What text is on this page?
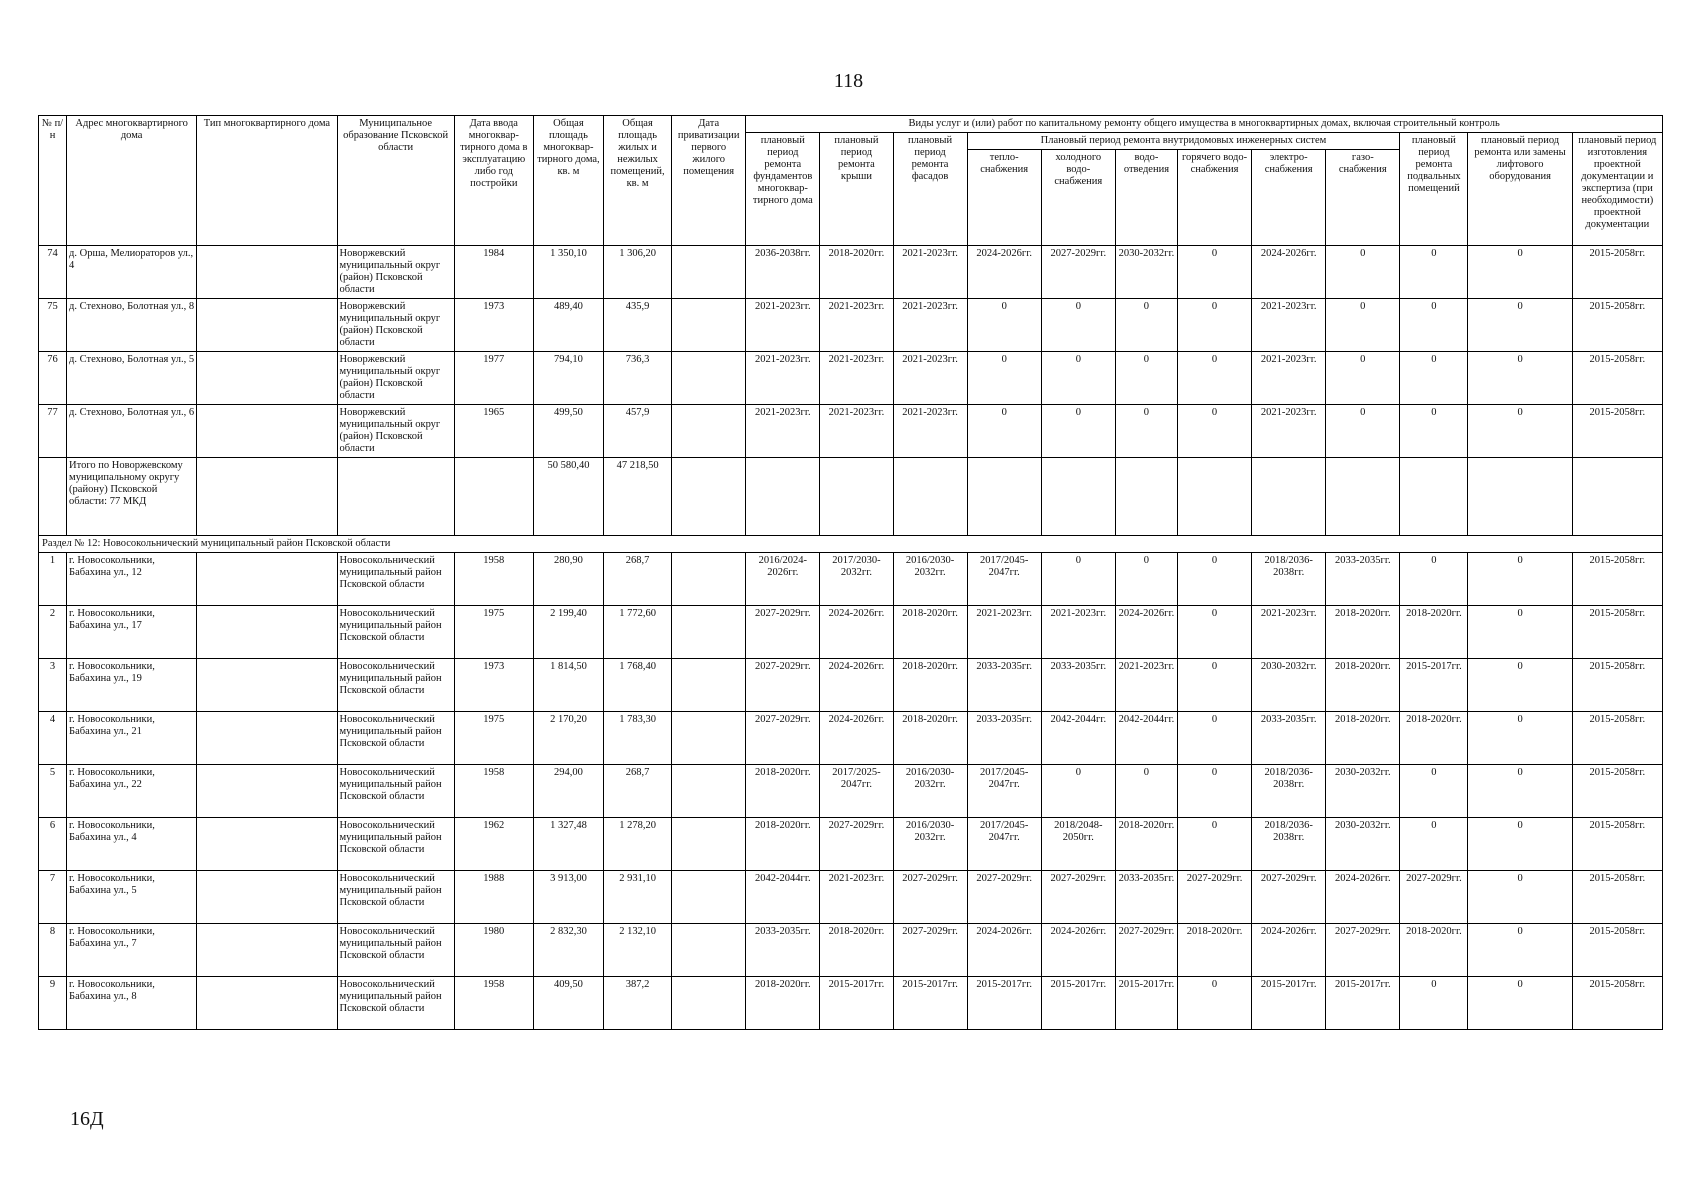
118
№ п/н	Адрес многоквартирного дома	Тип многоквартирного дома	Муниципальное образование Псковской области	Дата ввода многоквар-тирного дома в эксплуатацию либо год постройки	Общая площадь многоквар-тирного дома, кв. м	Общая площадь жилых и нежилых помещений, кв. м	Дата приватизации первого жилого помещения	Виды услуг и (или) работ по капитальному ремонту общего имущества в многоквартирных домах, включая строительный контроль											
								плановый период ремонта фундаментов многоквар-тирного дома	плановый период ремонта крыши	плановый период ремонта фасадов	Плановый период ремонта внутридомовых инженерных систем						плановый период ремонта подвальных помещений	плановый период ремонта или замены лифтового оборудования	плановый период изготовления проектной документации и экспертиза (при необходимости) проектной документации
											тепло-снабжения	холодного водо-снабжения	водо-отведения	горячего водо-снабжения	электро-снабжения	газо-снабжения			
74	д. Орша, Мелиораторов ул., 4		Новоржевский муниципальный округ (район) Псковской области	1984	1 350,10	1 306,20		2036-2038гг.	2018-2020гг.	2021-2023гг.	2024-2026гг.	2027-2029гг.	2030-2032гг.	0	2024-2026гг.	0	0	0	2015-2058гг.
75	д. Стехново, Болотная ул., 8		Новоржевский муниципальный округ (район) Псковской области	1973	489,40	435,9		2021-2023гг.	2021-2023гг.	2021-2023гг.	0	0	0	0	2021-2023гг.	0	0	0	2015-2058гг.
76	д. Стехново, Болотная ул., 5		Новоржевский муниципальный округ (район) Псковской области	1977	794,10	736,3		2021-2023гг.	2021-2023гг.	2021-2023гг.	0	0	0	0	2021-2023гг.	0	0	0	2015-2058гг.
77	д. Стехново, Болотная ул., 6		Новоржевский муниципальный округ (район) Псковской области	1965	499,50	457,9		2021-2023гг.	2021-2023гг.	2021-2023гг.	0	0	0	0	2021-2023гг.	0	0	0	2015-2058гг.
	Итого по Новоржевскому муниципальному округу (району) Псковской области: 77 МКД				50 580,40	47 218,50													
Раздел № 12: Новосокольнический муниципальный район Псковской области																			
1	г. Новосокольники, Бабахина ул., 12		Новосокольнический муниципальный район Псковской области	1958	280,90	268,7		2016/2024-2026гг.	2017/2030-2032гг.	2016/2030-2032гг.	2017/2045-2047гг.	0	0	0	2018/2036-2038гг.	2033-2035гг.	0	0	2015-2058гг.
2	г. Новосокольники, Бабахина ул., 17		Новосокольнический муниципальный район Псковской области	1975	2 199,40	1 772,60		2027-2029гг.	2024-2026гг.	2018-2020гг.	2021-2023гг.	2021-2023гг.	2024-2026гг.	0	2021-2023гг.	2018-2020гг.	2018-2020гг.	0	2015-2058гг.
3	г. Новосокольники, Бабахина ул., 19		Новосокольнический муниципальный район Псковской области	1973	1 814,50	1 768,40		2027-2029гг.	2024-2026гг.	2018-2020гг.	2033-2035гг.	2033-2035гг.	2021-2023гг.	0	2030-2032гг.	2018-2020гг.	2015-2017гг.	0	2015-2058гг.
4	г. Новосокольники, Бабахина ул., 21		Новосокольнический муниципальный район Псковской области	1975	2 170,20	1 783,30		2027-2029гг.	2024-2026гг.	2018-2020гг.	2033-2035гг.	2042-2044гг.	2042-2044гг.	0	2033-2035гг.	2018-2020гг.	2018-2020гг.	0	2015-2058гг.
5	г. Новосокольники, Бабахина ул., 22		Новосокольнический муниципальный район Псковской области	1958	294,00	268,7		2018-2020гг.	2017/2025-2047гг.	2016/2030-2032гг.	2017/2045-2047гг.	0	0	0	2018/2036-2038гг.	2030-2032гг.	0	0	2015-2058гг.
6	г. Новосокольники, Бабахина ул., 4		Новосокольнический муниципальный район Псковской области	1962	1 327,48	1 278,20		2018-2020гг.	2027-2029гг.	2016/2030-2032гг.	2017/2045-2047гг.	2018/2048-2050гг.	2018-2020гг.	0	2018/2036-2038гг.	2030-2032гг.	0	0	2015-2058гг.
7	г. Новосокольники, Бабахина ул., 5		Новосокольнический муниципальный район Псковской области	1988	3 913,00	2 931,10		2042-2044гг.	2021-2023гг.	2027-2029гг.	2027-2029гг.	2027-2029гг.	2033-2035гг.	2027-2029гг.	2027-2029гг.	2024-2026гг.	2027-2029гг.	0	2015-2058гг.
8	г. Новосокольники, Бабахина ул., 7		Новосокольнический муниципальный район Псковской области	1980	2 832,30	2 132,10		2033-2035гг.	2018-2020гг.	2027-2029гг.	2024-2026гг.	2024-2026гг.	2027-2029гг.	2018-2020гг.	2024-2026гг.	2027-2029гг.	2018-2020гг.	0	2015-2058гг.
9	г. Новосокольники, Бабахина ул., 8		Новосокольнический муниципальный район Псковской области	1958	409,50	387,2		2018-2020гг.	2015-2017гг.	2015-2017гг.	2015-2017гг.	2015-2017гг.	2015-2017гг.	0	2015-2017гг.	2015-2017гг.	0	0	2015-2058гг.
16Д
